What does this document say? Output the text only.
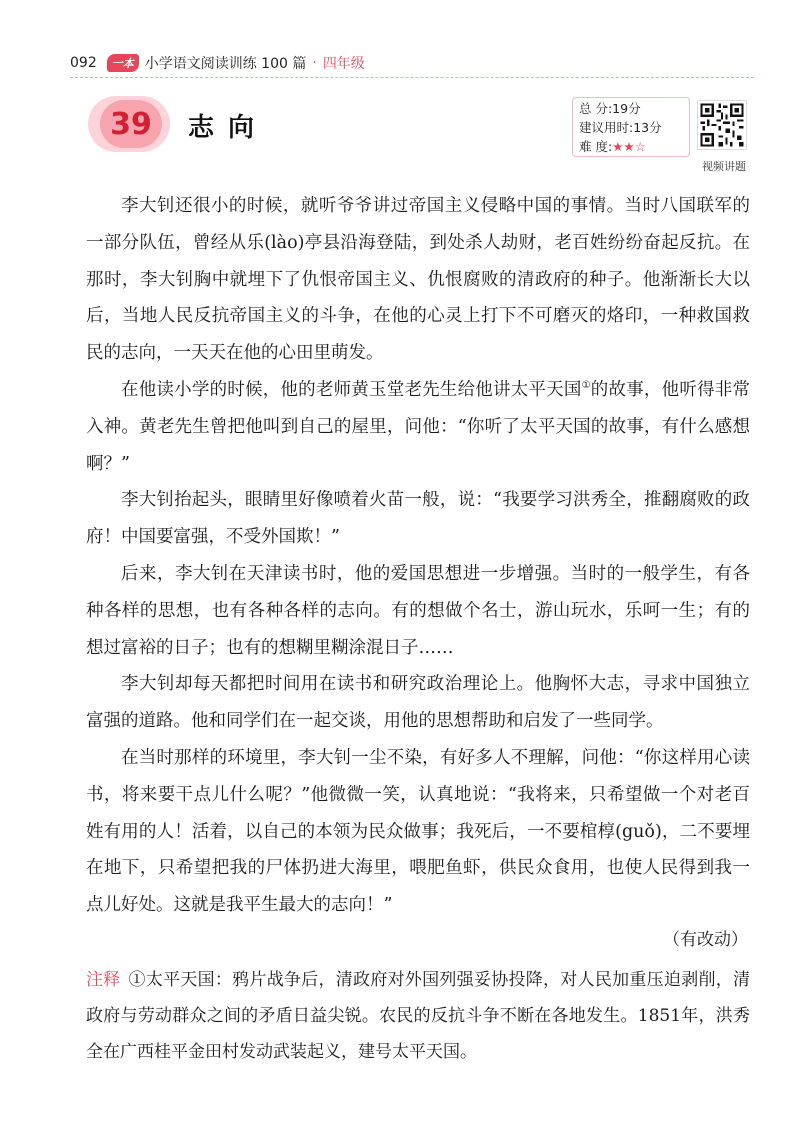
092	一本 小学语文阅读训练 100 篇 · 四年级
39	志向
总 分:19分
建议用时:13分
难 度:★★☆
视频讲题

李大钊还很小的时候，就听爷爷讲过帝国主义侵略中国的事情。当时八国联军的一部分队伍，曾经从乐(lào)亭县沿海登陆，到处杀人劫财，老百姓纷纷奋起反抗。在那时，李大钊胸中就埋下了仇恨帝国主义、仇恨腐败的清政府的种子。他渐渐长大以后，当地人民反抗帝国主义的斗争，在他的心灵上打下不可磨灭的烙印，一种救国救民的志向，一天天在他的心田里萌发。

在他读小学的时候，他的老师黄玉堂老先生给他讲太平天国①的故事，他听得非常入神。黄老先生曾把他叫到自己的屋里，问他：“你听了太平天国的故事，有什么感想啊？”

李大钊抬起头，眼睛里好像喷着火苗一般，说：“我要学习洪秀全，推翻腐败的政府！中国要富强，不受外国欺！”

后来，李大钊在天津读书时，他的爱国思想进一步增强。当时的一般学生，有各种各样的思想，也有各种各样的志向。有的想做个名士，游山玩水，乐呵一生；有的想过富裕的日子；也有的想糊里糊涂混日子……

李大钊却每天都把时间用在读书和研究政治理论上。他胸怀大志，寻求中国独立富强的道路。他和同学们在一起交谈，用他的思想帮助和启发了一些同学。

在当时那样的环境里，李大钊一尘不染，有好多人不理解，问他：“你这样用心读书，将来要干点儿什么呢？”他微微一笑，认真地说：“我将来，只希望做一个对老百姓有用的人！活着，以自己的本领为民众做事；我死后，一不要棺椁(guǒ)，二不要埋在地下，只希望把我的尸体扔进大海里，喂肥鱼虾，供民众食用，也使人民得到我一点儿好处。这就是我平生最大的志向！”

（有改动）
注释 ①太平天国：鸦片战争后，清政府对外国列强妥协投降，对人民加重压迫剥削，清政府与劳动群众之间的矛盾日益尖锐。农民的反抗斗争不断在各地发生。1851年，洪秀全在广西桂平金田村发动武装起义，建号太平天国。
